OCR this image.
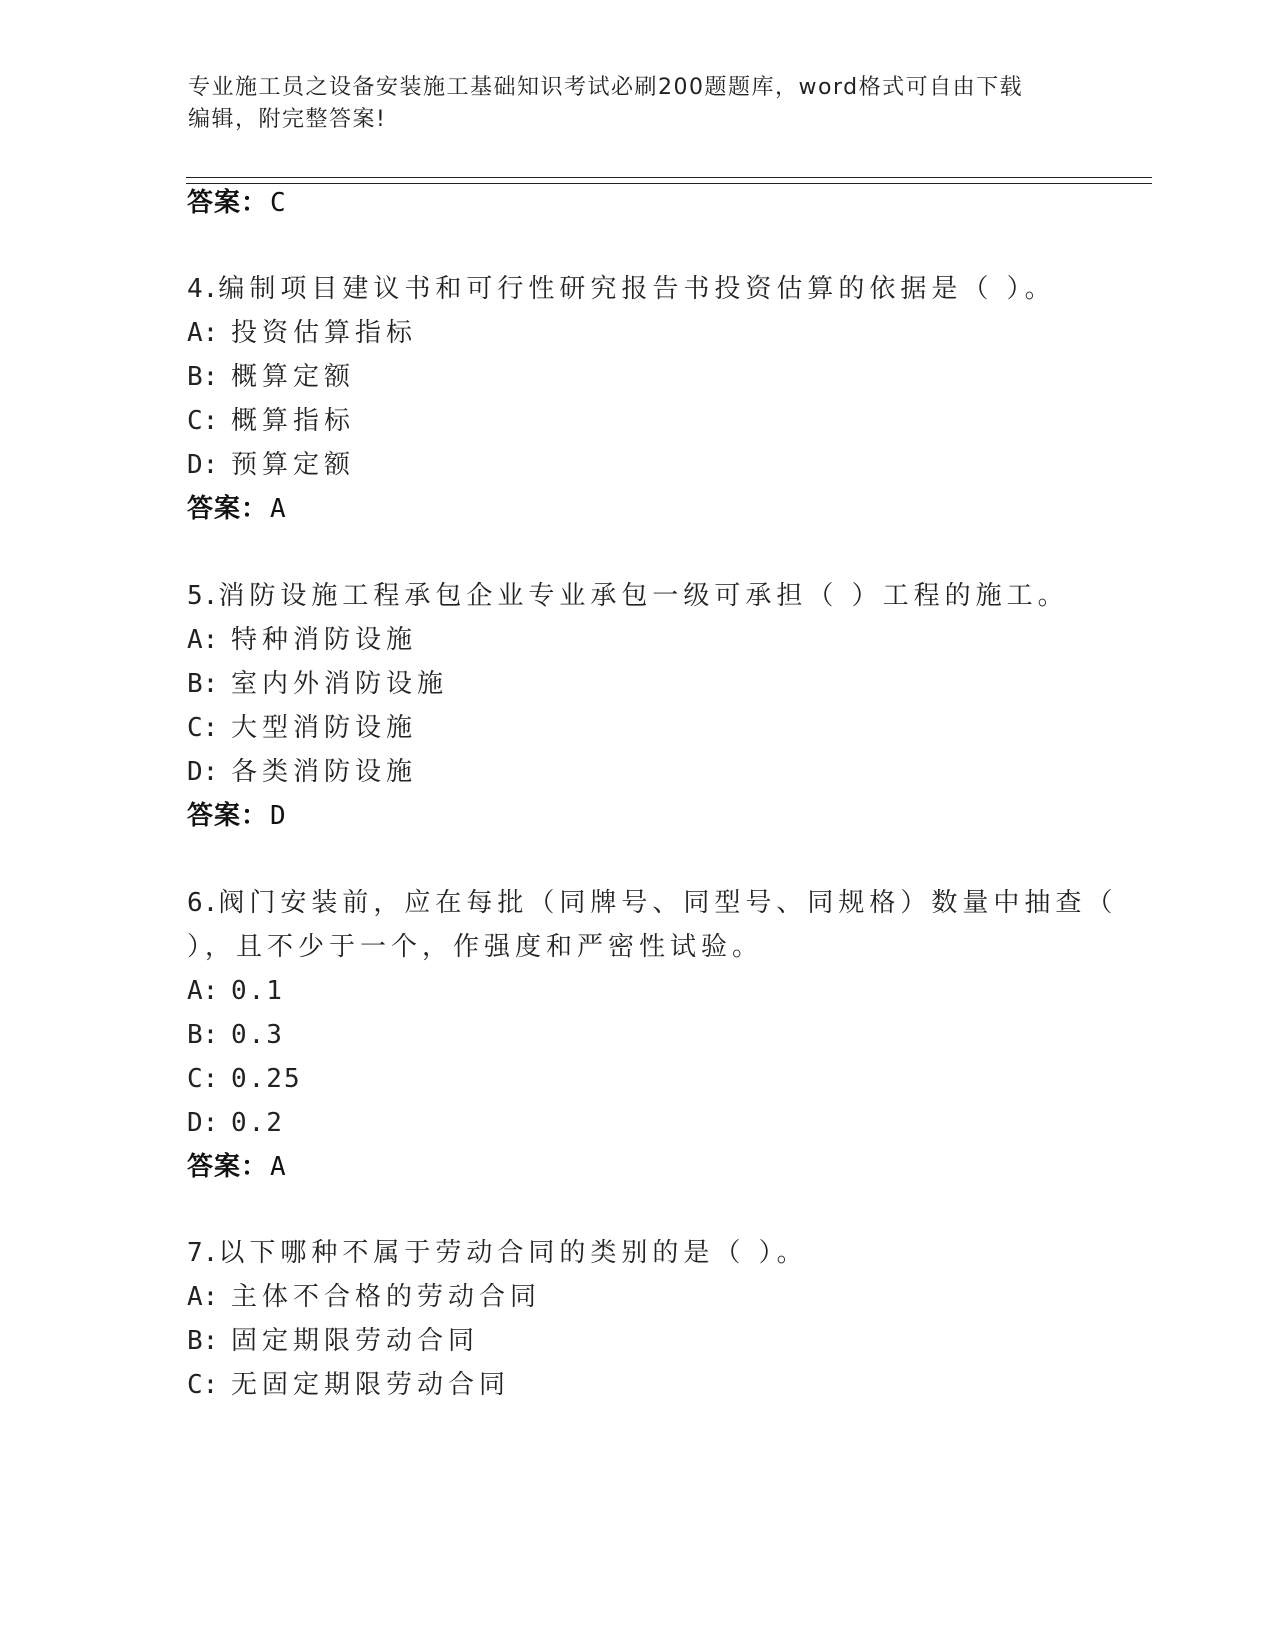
专业施工员之设备安装施工基础知识考试必刷200题题库，word格式可自由下载
编辑，附完整答案!
答案：C
4.编制项目建议书和可行性研究报告书投资估算的依据是（ ）。
A: 投资估算指标
B: 概算定额
C: 概算指标
D: 预算定额
答案：A
5.消防设施工程承包企业专业承包一级可承担（ ）工程的施工。
A: 特种消防设施
B: 室内外消防设施
C: 大型消防设施
D: 各类消防设施
答案：D
6.阀门安装前，应在每批（同牌号、同型号、同规格）数量中抽查（
），且不少于一个，作强度和严密性试验。
A: 0.1
B: 0.3
C: 0.25
D: 0.2
答案：A
7.以下哪种不属于劳动合同的类别的是（ ）。
A: 主体不合格的劳动合同
B: 固定期限劳动合同
C: 无固定期限劳动合同
